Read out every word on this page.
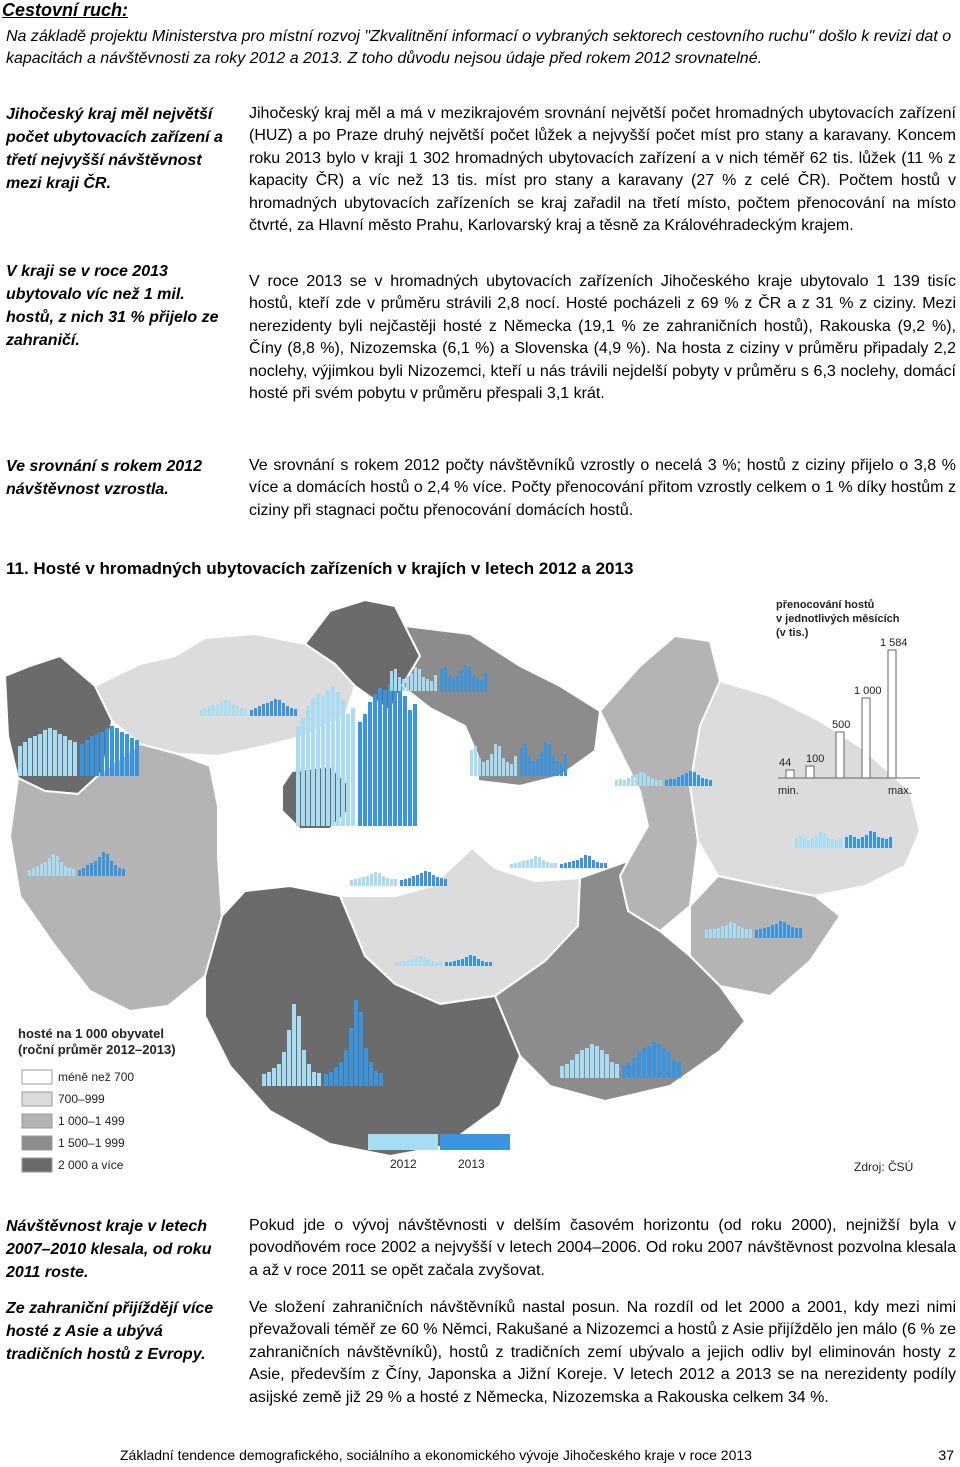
Cestovní ruch:
Na základě projektu Ministerstva pro místní rozvoj "Zkvalitnění informací o vybraných sektorech cestovního ruchu" došlo k revizi dat o kapacitách a návštěvnosti za roky 2012 a 2013. Z toho důvodu nejsou údaje před rokem 2012 srovnatelné.
Jihočeský kraj měl největší počet ubytovacích zařízení a třetí nejvyšší návštěvnost mezi kraji ČR.
V kraji se v roce 2013 ubytovalo víc než 1 mil. hostů, z nich 31 % přijelo ze zahraničí.
Ve srovnání s rokem 2012 návštěvnost vzrostla.
Jihočeský kraj měl a má v mezikrajovém srovnání největší počet hromadných ubytovacích zařízení (HUZ) a po Praze druhý největší počet lůžek a nejvyšší počet míst pro stany a karavany. Koncem roku 2013 bylo v kraji 1 302 hromadných ubytovacích zařízení a v nich téměř 62 tis. lůžek (11 % z kapacity ČR) a víc než 13 tis. míst pro stany a karavany (27 % z celé ČR). Počtem hostů v hromadných ubytovacích zařízeních se kraj zařadil na třetí místo, počtem přenocování na místo čtvrté, za Hlavní město Prahu, Karlovarský kraj a těsně za Královéhradeckým krajem.
V roce 2013 se v hromadných ubytovacích zařízeních Jihočeského kraje ubytovalo 1 139 tisíc hostů, kteří zde v průměru strávili 2,8 nocí. Hosté pocházeli z 69 % z ČR a z 31 % z ciziny. Mezi nerezidenty byli nejčastěji hosté z Německa (19,1 % ze zahraničních hostů), Rakouska (9,2 %), Číny (8,8 %), Nizozemska (6,1 %) a Slovenska (4,9 %). Na hosta z ciziny v průměru připadaly 2,2 noclehy, výjimkou byli Nizozemci, kteří u nás trávili nejdelší pobyty v průměru s 6,3 noclehy, domácí hosté při svém pobytu v průměru přespali 3,1 krát.
Ve srovnání s rokem 2012 počty návštěvníků vzrostly o necelá 3 %; hostů z ciziny přijelo o 3,8 % více a domácích hostů o 2,4 % více. Počty přenocování přitom vzrostly celkem o 1 % díky hostům z ciziny při stagnaci počtu přenocování domácích hostů.
11. Hosté v hromadných ubytovacích zařízeních v krajích v letech 2012 a 2013
hosté na 1 000 obyvatel
(roční průměr 2012–2013)
méně než 700
700–999
1 000–1 499
1 500–1 999
2 000 a více
přenocování hostů
v jednotlivých měsících
(v tis.)
44 100
500
1 000
1 584
min.	max.
2012	2013	Zdroj: ČSÚ
Návštěvnost kraje v letech 2007–2010 klesala, od roku 2011 roste.
Ze zahraniční přijíždějí více hosté z Asie a ubývá tradičních hostů z Evropy.
Pokud jde o vývoj návštěvnosti v delším časovém horizontu (od roku 2000), nejnižší byla v povodňovém roce 2002 a nejvyšší v letech 2004–2006. Od roku 2007 návštěvnost pozvolna klesala a až v roce 2011 se opět začala zvyšovat.
Ve složení zahraničních návštěvníků nastal posun. Na rozdíl od let 2000 a 2001, kdy mezi nimi převažovali téměř ze 60 % Němci, Rakušané a Nizozemci a hostů z Asie přijíždělo jen málo (6 % ze zahraničních návštěvníků), hostů z tradičních zemí ubývalo a jejich odliv byl eliminován hosty z Asie, především z Číny, Japonska a Jižní Koreje. V letech 2012 a 2013 se na nerezidenty podíly asijské země již 29 % a hosté z Německa, Nizozemska a Rakouska celkem 34 %.
Základní tendence demografického, sociálního a ekonomického vývoje Jihočeského kraje v roce 2013	37
